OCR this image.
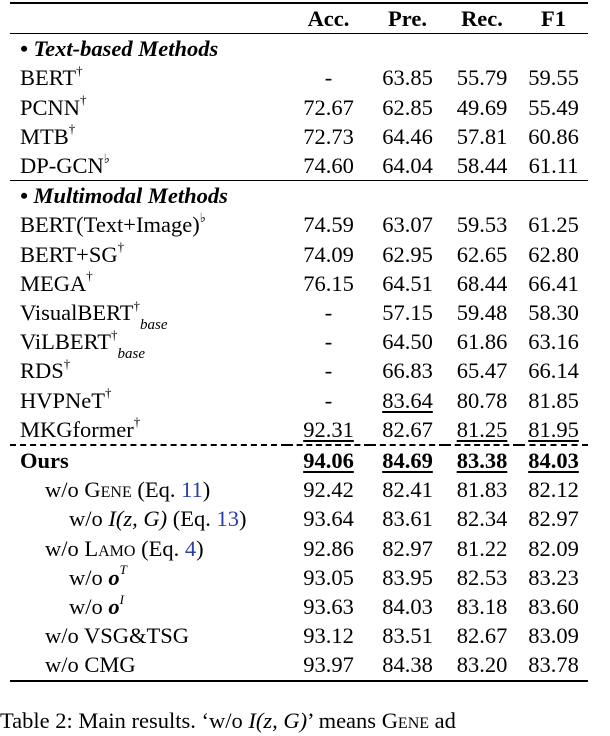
	Acc.	Pre.	Rec.	F1
• Text-based Methods				
BERT†	-	63.85	55.79	59.55
PCNN†	72.67	62.85	49.69	55.49
MTB†	72.73	64.46	57.81	60.86
DP-GCN♭	74.60	64.04	58.44	61.11
• Multimodal Methods				
BERT(Text+Image)♭	74.59	63.07	59.53	61.25
BERT+SG†	74.09	62.95	62.65	62.80
MEGA†	76.15	64.51	68.44	66.41
VisualBERT†$_{base}$	-	57.15	59.48	58.30
ViLBERT†$_{base}$	-	64.50	61.86	63.16
RDS†	-	66.83	65.47	66.14
HVPNeT†	-	83.64	80.78	81.85
MKGformer†	92.31	82.67	81.25	81.95
Ours	94.06	84.69	83.38	84.03
w/o Gene (Eq. 11)	92.42	82.41	81.83	82.12
w/o I(z, G) (Eq. 13)	93.64	83.61	82.34	82.97
w/o Lamo (Eq. 4)	92.86	82.97	81.22	82.09
w/o $o^T$	93.05	83.95	82.53	83.23
w/o $o^I$	93.63	84.03	83.18	83.60
w/o VSG&TSG	93.12	83.51	82.67	83.09
w/o CMG	93.97	84.38	83.20	83.78
Table 2: Main results. ‘w/o I(z, G)’ means Gene ad
